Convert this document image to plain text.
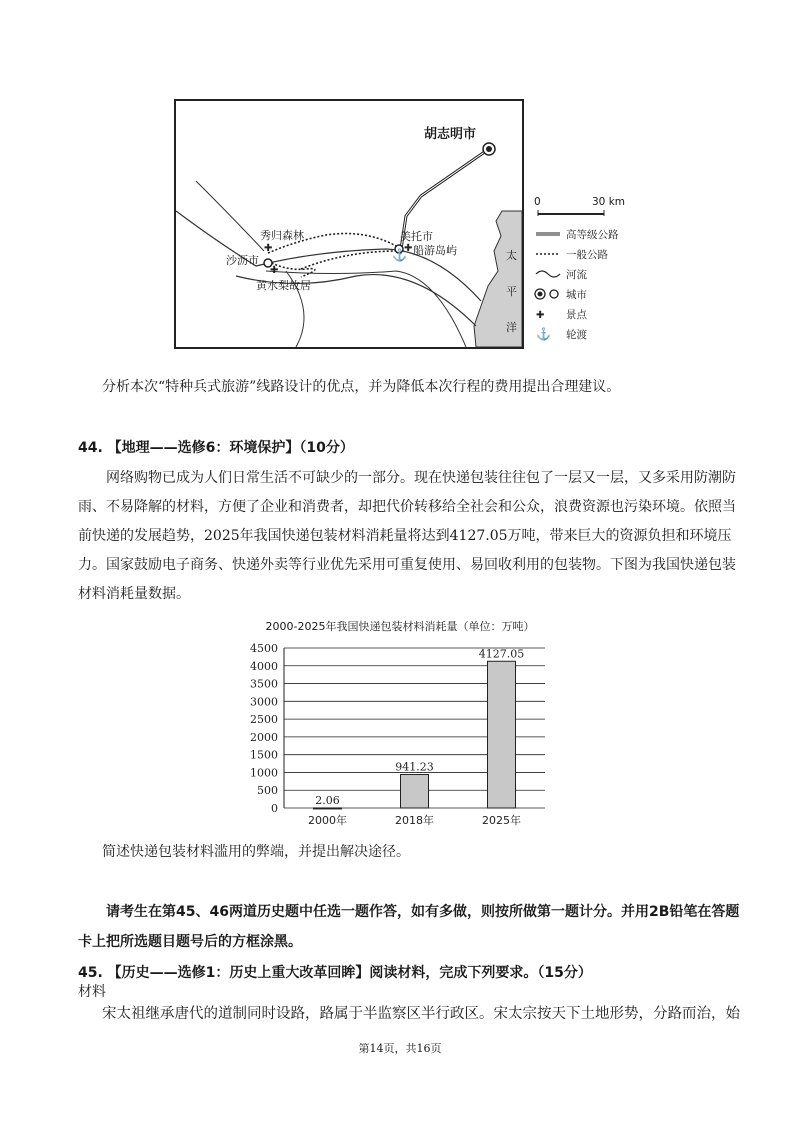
✚	✚
✚
⚓
胡志明市
美托市
沙沥市
秀归森林
船游岛屿
黄水梨故居
太
平
洋
0	30 km
✚
⚓
高等级公路
一般公路
河流
城市
景点
轮渡
分析本次“特种兵式旅游”线路设计的优点，并为降低本次行程的费用提出合理建议。
44. 【地理——选修6：环境保护】（10分）
网络购物已成为人们日常生活不可缺少的一部分。现在快递包装往往包了一层又一层，又多采用防潮防雨、不易降解的材料，方便了企业和消费者，却把代价转移给全社会和公众，浪费资源也污染环境。依照当前快递的发展趋势，2025年我国快递包装材料消耗量将达到4127.05万吨，带来巨大的资源负担和环境压力。国家鼓励电子商务、快递外卖等行业优先采用可重复使用、易回收利用的包装物。下图为我国快递包装材料消耗量数据。
2000-2025年我国快递包装材料消耗量（单位：万吨）
0
500
1000
1500
2000
2500
3000
3500
4000
4500
2.06
2000年
941.23
2018年
4127.05
2025年
简述快递包装材料滥用的弊端，并提出解决途径。
请考生在第45、46两道历史题中任选一题作答，如有多做，则按所做第一题计分。并用2B铅笔在答题卡上把所选题目题号后的方框涂黑。
45. 【历史——选修1：历史上重大改革回眸】阅读材料，完成下列要求。（15分）
材料
宋太祖继承唐代的道制同时设路，路属于半监察区半行政区。宋太宗按天下土地形势，分路而治，始
第14页，共16页
